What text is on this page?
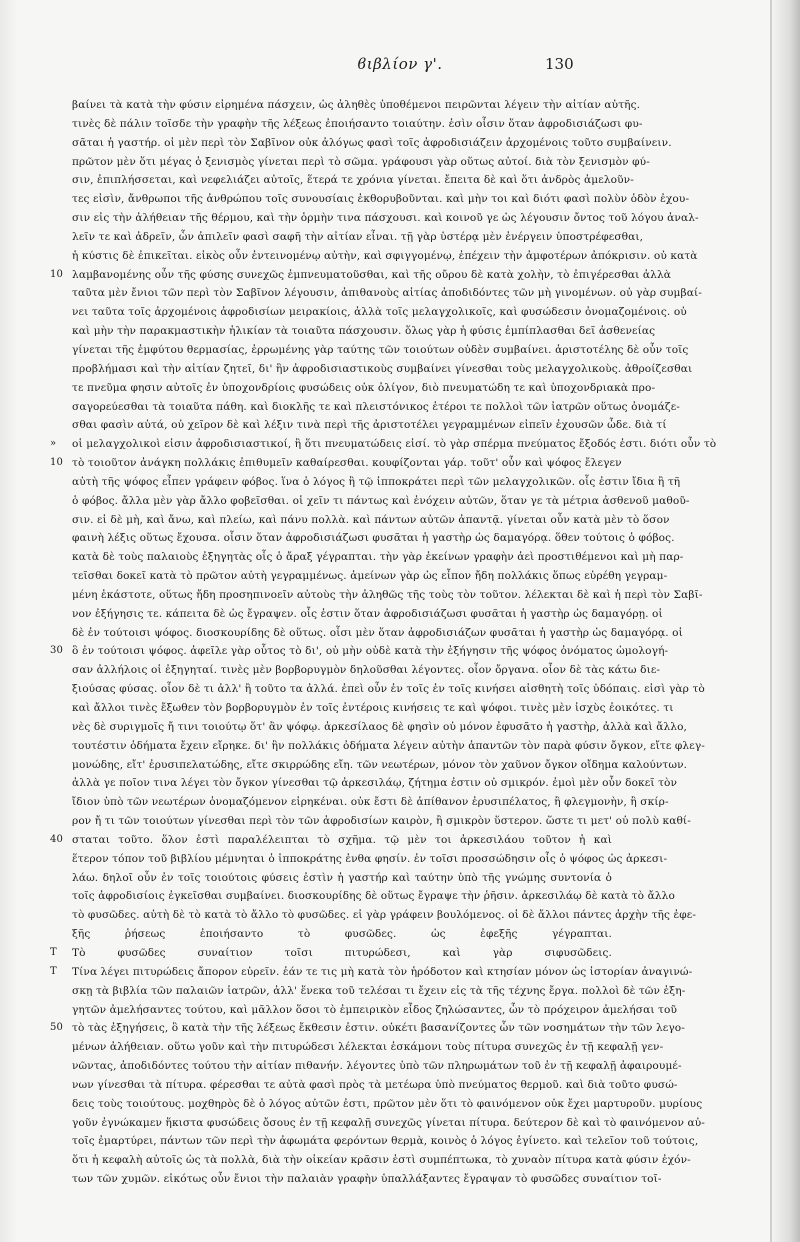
ϐιβλίον γ'.	130
βαίνει τὰ κατὰ τὴν φύσιν εἰρημένα πάσχειν, ὡς ἀληθὲς ὑποθέμενοι πειρῶνται λέγειν τὴν αἰτίαν αὐτῆς.
τινὲς δὲ πάλιν τοῖσδε τὴν γραφὴν τῆς λέξεως ἐποιήσαντο τοιαύτην. ἐσὶν οἷσιν ὅταν ἀφροδισιάζωσι φυ-
σᾶται ἡ γαστήρ. οἱ μὲν περὶ τὸν Σαβῖνον οὐκ ἀλόγως φασὶ τοῖς ἀφροδισιάζειν ἀρχομένοις τοῦτο συμβαίνειν.
πρῶτον μὲν ὅτι μέγας ὁ ξενισμὸς γίνεται περὶ τὸ σῶμα. γράφουσι γὰρ οὕτως αὐτοί. διὰ τὸν ξενισμὸν φύ-
σιν, ἐπιπλήσσεται, καὶ νεφελιάζει αὐτοῖς, ἕτερά τε χρόνια γίνεται. ἔπειτα δὲ καὶ ὅτι ἀνδρὸς ἀμελοῦν-
τες εἰσὶν, ἄνθρωποι τῆς ἀνθρώπου τοῖς συνουσίαις ἐκθορυβοῦνται. καὶ μὴν τοι καὶ διότι φασὶ πολὺν ὁδὸν ἐχου-
σιν εἰς τὴν ἀλήθειαν τῆς θέρμου, καὶ τὴν ὁρμὴν τινα πάσχουσι. καὶ κοινοῦ γε ὡς λέγουσιν ὄντος τοῦ λόγου ἀναλ-
λεῖν τε καὶ ἀδρεῖν, ὧν ἀπιλεῖν φασὶ σαφῆ τὴν αἰτίαν εἶναι. τῇ γὰρ ὑστέρᾳ μὲν ἐνέργειν ὑποστρέφεσθαι,
ἡ κύστις δὲ ἐπικεῖται. εἰκὸς οὖν ἐντεινομένῳ αὐτὴν, καὶ σφιγγομένῳ, ἐπέχειν τὴν ἀμφοτέρων ἀπόκρισιν. οὐ κατὰ
10 λαμβανομένης οὖν τῆς φύσης συνεχῶς ἐμπνευματοῦσθαι, καὶ τῆς οὔρου δὲ κατὰ χολὴν, τὸ ἐπιγέρεσθαι ἀλλὰ
ταῦτα μὲν ἔνιοι τῶν περὶ τὸν Σαβῖνον λέγουσιν, ἀπιθανοὺς αἰτίας ἀποδιδόντες τῶν μὴ γινομένων. οὐ γὰρ συμβαί-
νει ταῦτα τοῖς ἀρχομένοις ἀφροδισίων μειρακίοις, ἀλλὰ τοῖς μελαγχολικοῖς, καὶ φυσώδεσιν ὀνομαζομένοις. οὐ
καὶ μὴν τὴν παρακμαστικὴν ἡλικίαν τὰ τοιαῦτα πάσχουσιν. ὅλως γὰρ ἡ φύσις ἐμπίπλασθαι δεῖ ἀσθενείας
γίνεται τῆς ἐμφύτου θερμασίας, ἐρρωμένης γὰρ ταύτης τῶν τοιούτων οὐδὲν συμβαίνει. ἀριστοτέλης δὲ οὖν τοῖς
προβλήμασι καὶ τὴν αἰτίαν ζητεῖ, δι' ἣν ἀφροδισιαστικοὺς συμβαίνει γίνεσθαι τοὺς μελαγχολικοὺς. ἀθροίζεσθαι
τε πνεῦμα φησιν αὐτοῖς ἐν ὑποχονδρίοις φυσώδεις οὐκ ὀλίγον, διὸ πνευματώδη τε καὶ ὑποχονδριακὰ προ-
σαγορεύεσθαι τὰ τοιαῦτα πάθη. καὶ διοκλῆς τε καὶ πλειστόνικος ἐτέροι τε πολλοὶ τῶν ἰατρῶν οὕτως ὀνομάζε-
σθαι φασὶν αὐτά, οὐ χεῖρον δὲ καὶ λέξιν τινὰ περὶ τῆς ἀριστοτέλει γεγραμμένων εἰπεῖν ἐχουσῶν ὧδε. διὰ τί
»	οἱ μελαγχολικοὶ εἰσιν ἀφροδισιαστικοί, ἢ ὅτι πνευματώδεις εἰσί. τὸ γὰρ σπέρμα πνεύματος ἔξοδός ἐστι. διότι οὖν τὸ
10 τὸ τοιοῦτον ἀνάγκη πολλάκις ἐπιθυμεῖν καθαίρεσθαι. κουφίζονται γάρ. τοῦτ' οὖν καὶ ψόφος ἔλεγεν
αὐτὴ τῆς ψόφος εἶπεν γράφειν φόβος. ἵνα ὁ λόγος ἢ τῷ ἱπποκράτει περὶ τῶν μελαγχολικῶν. οἷς ἐστιν ἴδια ἢ τῆ
ὁ φόβος. ἄλλα μὲν γὰρ ἄλλο φοβεῖσθαι. οἱ χεῖν τι πάντως καὶ ἐνόχειν αὐτῶν, ὅταν γε τὰ μέτρια ἀσθενοῦ μαθοῦ-
σιν. εἰ δὲ μὴ, καὶ ἄνω, καὶ πλείω, καὶ πάνυ πολλὰ. καὶ πάντων αὐτῶν ἀπαντᾷ. γίνεται οὖν κατὰ μὲν τὸ ὅσον
φαινὴ λέξις οὕτως ἔχουσα. οἷσιν ὅταν ἀφροδισιάζωσι φυσᾶται ἡ γαστὴρ ὡς δαμαγόρᾳ. ὅθεν τούτοις ὁ φόβος.
κατὰ δὲ τοὺς παλαιοὺς ἐξηγητὰς οἷς ὁ ἄραξ γέγραπται. τὴν γὰρ ἐκείνων γραφὴν ἀεὶ προστιθέμενοι καὶ μὴ παρ-
τεῖσθαι δοκεῖ κατὰ τὸ πρῶτον αὐτὴ γεγραμμένως. ἀμείνων γὰρ ὡς εἶπον ἤδη πολλάκις ὅπως εὑρέθη γεγραμ-
μένη ἑκάστοτε, οὕτως ἤδη προσηπινοεῖν αὐτοὺς τὴν ἀληθῶς τῆς τοὺς τὸν τοῦτον. λέλεκται δὲ καὶ ἡ περὶ τὸν Σαβῖ-
νον ἐξήγησις τε. κάπειτα δὲ ὡς ἔγραψεν. οἷς ἐστιν ὅταν ἀφροδισιάζωσι φυσᾶται ἡ γαστὴρ ὡς δαμαγόρῃ. οἱ
δὲ ἐν τούτοισι ψόφος. διοσκουρίδης δὲ οὕτως. οἷσι μὲν ὅταν ἀφροδισιάζων φυσᾶται ἡ γαστὴρ ὡς δαμαγόρᾳ. οἱ
30 ὃ ἐν τούτοισι ψόφος. ἀφεῖλε γὰρ οὗτος τὸ δι', οὐ μὴν οὐδὲ κατὰ τὴν ἐξήγησιν τῆς ψόφος ὀνόματος ὡμολογή-
σαν ἀλλήλοις οἱ ἐξηγηταί. τινὲς μὲν βορβορυγμὸν δηλοῦσθαι λέγοντες. οἷον ὄργανα. οἷον δὲ τὰς κάτω διε-
ξιούσας φύσας. οἷον δὲ τι ἀλλ' ἢ τοῦτο τα ἀλλά. ἐπεὶ οὖν ἐν τοῖς ἐν τοῖς κινήσει αἰσθητὴ τοῖς ὑδόπαις. εἰσὶ γὰρ τὸ
καὶ ἄλλοι τινὲς ἔξωθεν τὸν βορβορυγμὸν ἐν τοῖς ἐντέροις κινήσεις τε καὶ ψόφοι. τινὲς μὲν ἰσχὺς ἐοικότες. τι
νὲς δὲ συριγμοῖς ἤ τινι τοιούτῳ ὅτ' ἂν ψόφῳ. ἀρκεσίλαος δὲ φησὶν οὐ μόνον ἐφυσᾶτο ἡ γαστὴρ, ἀλλὰ καὶ ἄλλο,
τουτέστιν ὀδήματα ἔχειν εἴρηκε. δι' ἣν πολλάκις ὀδήματα λέγειν αὐτὴν ἀπαντῶν τὸν παρὰ φύσιν ὄγκον, εἴτε φλεγ-
μονώδης, εἴτ' ἐρυσιπελατώδης, εἴτε σκιρρώδης εἴη. τῶν νεωτέρων, μόνον τὸν χαῦνον ὄγκον οἴδημα καλούντων.
ἀλλὰ γε ποῖον τινα λέγει τὸν ὄγκον γίνεσθαι τῷ ἀρκεσιλάῳ, ζήτημα ἐστιν οὐ σμικρόν. ἐμοὶ μὲν οὖν δοκεῖ τὸν
ἴδιον ὑπὸ τῶν νεωτέρων ὀνομαζόμενον εἰρηκέναι. οὐκ ἔστι δὲ ἀπίθανον ἐρυσιπέλατος, ἢ φλεγμονὴν, ἢ σκίρ-
ρον ἤ τι τῶν τοιούτων γίνεσθαι περὶ τὸν τῶν ἀφροδισίων καιρὸν, ἢ σμικρὸν ὕστερον. ὥστε τι μετ' οὐ πολὺ καθί-
40 σταται τοῦτο. ὅλον ἐστὶ παραλέλειπται τὸ σχῆμα. τῷ μὲν τοι ἀρκεσιλάου τοῦτον ἡ καὶ
ἕτερον τόπον τοῦ βιβλίου μέμνηται ὁ ἱπποκράτης ἐνθα φησίν. ἐν τοῖσι προσσώδησιν οἷς ὁ ψόφος ὡς ἀρκεσι-
λάω. δηλοῖ οὖν ἐν τοῖς τοιούτοις φύσεις ἐστὶν ἡ γαστήρ καὶ ταύτην ὑπὸ τῆς γνώμης συντονία ὁ
τοῖς ἀφροδισίοις ἐγκεῖσθαι συμβαίνει. διοσκουρίδης δὲ οὕτως ἔγραψε τὴν ῥῆσιν. ἀρκεσιλάῳ δὲ κατὰ τὸ ἄλλο
τὸ φυσῶδες. αὐτὴ δὲ τὸ κατὰ τὸ ἄλλο τὸ φυσῶδες. εἰ γὰρ γράφειν βουλόμενος. οἱ δὲ ἄλλοι πάντες ἀρχὴν τῆς ἐφε-
ξῆς ῥήσεως ἐποιήσαντο τὸ φυσῶδες. ὡς ἐφεξῆς γέγραπται.
T	Τὸ φυσῶδες συναίτιον τοῖσι πιτυρώδεσι, καὶ γὰρ σιφυσῶδεις.
T	Τίνα λέγει πιτυρώδεις ἄπορον εὑρεῖν. ἐάν τε τις μὴ κατὰ τὸν ἡρόδοτον καὶ κτησίαν μόνον ὡς ἱστορίαν ἀναγινώ-
σκῃ τὰ βιβλία τῶν παλαιῶν ἰατρῶν, ἀλλ' ἕνεκα τοῦ τελέσαι τι ἔχειν εἰς τὰ τῆς τέχνης ἔργα. πολλοὶ δὲ τῶν ἐξη-
γητῶν ἀμελήσαντες τούτου, καὶ μᾶλλον ὅσοι τὸ ἐμπειρικὸν εἶδος ζηλώσαντες, ὧν τὸ πρόχειρον ἀμελήσαι τοῦ
50 τὸ τὰς ἐξηγήσεις, ὃ κατὰ τὴν τῆς λέξεως ἔκθεσιν ἐστιν. οὐκέτι βασανίζοντες ὧν τῶν νοσημάτων τὴν τῶν λεγο-
μένων ἀλήθειαν. οὕτω γοῦν καὶ τὴν πιτυρώδεσι λέλεκται ἐσκάμονι τοὺς πίτυρα συνεχῶς ἐν τῇ κεφαλῇ γεν-
νῶντας, ἀποδιδόντες τούτου τὴν αἰτίαν πιθανήν. λέγοντες ὑπὸ τῶν πληρωμάτων τοῦ ἐν τῇ κεφαλῇ ἀφαιρουμέ-
νων γίνεσθαι τὰ πίτυρα. φέρεσθαι τε αὐτὰ φασὶ πρὸς τὰ μετέωρα ὑπὸ πνεύματος θερμοῦ. καὶ διὰ τοῦτο φυσώ-
δεις τοὺς τοιούτους. μοχθηρὸς δὲ ὁ λόγος αὐτῶν ἐστι, πρῶτον μὲν ὅτι τὸ φαινόμενον οὐκ ἔχει μαρτυροῦν. μυρίους
γοῦν ἐγνώκαμεν ἥκιστα φυσώδεις ὄσους ἐν τῇ κεφαλῇ συνεχῶς γίνεται πίτυρα. δεύτερον δὲ καὶ τὸ φαινόμενον αὐ-
τοῖς ἐμαρτύρει, πάντων τῶν περὶ τὴν ἀφωμάτα φερόντων θερμὰ, κοινὸς ὁ λόγος ἐγίνετο. καὶ τελεῖον τοῦ τούτοις,
ὅτι ἡ κεφαλὴ αὐτοῖς ὡς τὰ πολλὰ, διὰ τὴν οἰκείαν κρᾶσιν ἐστὶ συμπέπτωκα, τὸ χυναὸν πίτυρα κατὰ φύσιν ἐχόν-
των τῶν χυμῶν. εἰκότως οὖν ἔνιοι τὴν παλαιὰν γραφὴν ὑπαλλάξαντες ἔγραψαν τὸ φυσῶδες συναίτιον τοῖ-
